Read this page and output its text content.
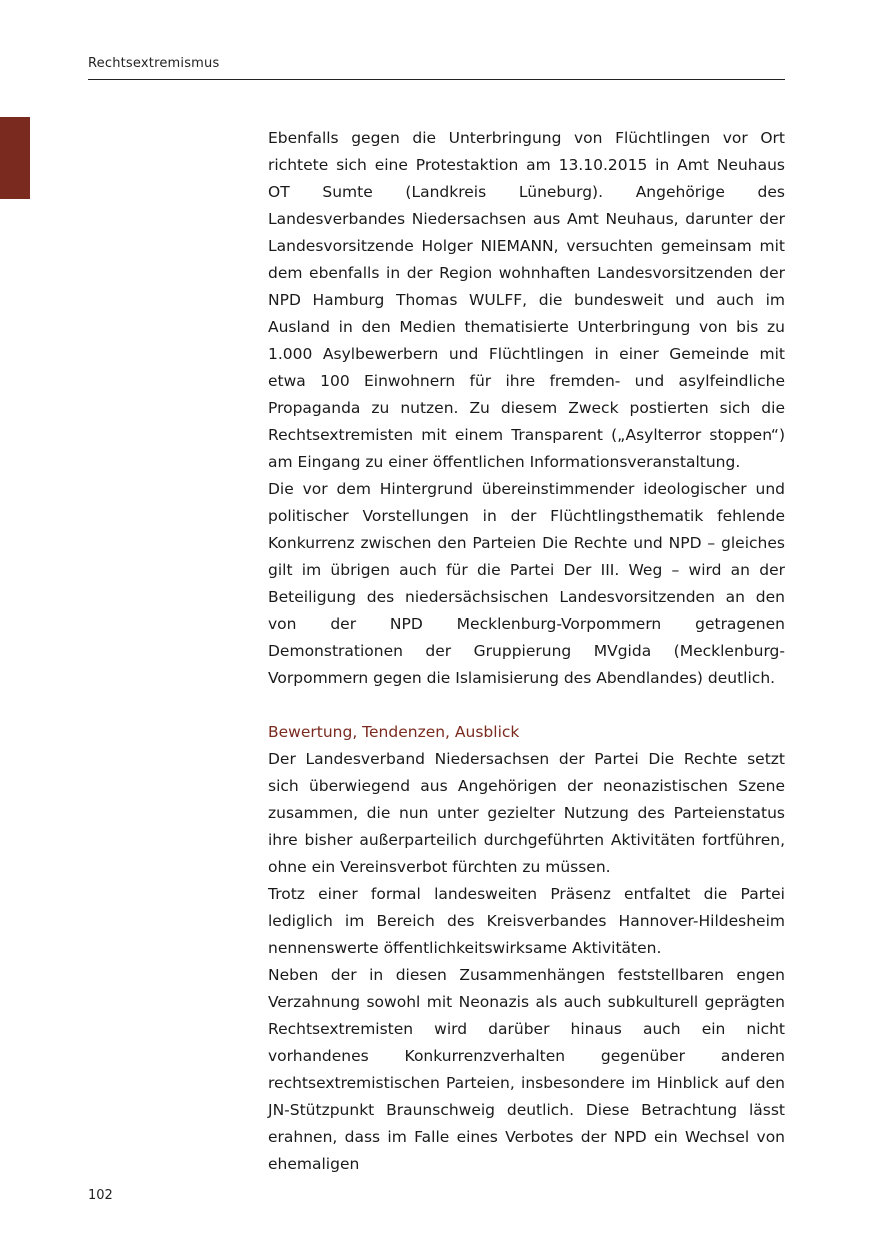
Rechtsextremismus

Ebenfalls gegen die Unterbringung von Flüchtlingen vor Ort richtete sich eine Protestaktion am 13.10.2015 in Amt Neuhaus OT Sumte (Landkreis Lüneburg). Angehörige des Landesverbandes Niedersachsen aus Amt Neuhaus, darunter der Landesvorsitzende Holger NIEMANN, versuchten gemeinsam mit dem ebenfalls in der Region wohnhaften Landesvorsitzenden der NPD Hamburg Thomas WULFF, die bundesweit und auch im Ausland in den Medien thematisierte Unterbringung von bis zu 1.000 Asylbewerbern und Flüchtlingen in einer Gemeinde mit etwa 100 Einwohnern für ihre fremden- und asylfeindliche Propaganda zu nutzen. Zu diesem Zweck postierten sich die Rechtsextremisten mit einem Transparent („Asylterror stoppen“) am Eingang zu einer öffentlichen Informationsveranstaltung.

Die vor dem Hintergrund übereinstimmender ideologischer und politischer Vorstellungen in der Flüchtlingsthematik fehlende Konkurrenz zwischen den Parteien Die Rechte und NPD – gleiches gilt im übrigen auch für die Partei Der III. Weg – wird an der Beteiligung des niedersächsischen Landesvorsitzenden an den von der NPD Mecklenburg-Vorpommern getragenen Demonstrationen der Gruppierung MVgida (Mecklenburg-Vorpommern gegen die Islamisierung des Abendlandes) deutlich.

Bewertung, Tendenzen, Ausblick

Der Landesverband Niedersachsen der Partei Die Rechte setzt sich überwiegend aus Angehörigen der neonazistischen Szene zusammen, die nun unter gezielter Nutzung des Parteienstatus ihre bisher außerparteilich durchgeführten Aktivitäten fortführen, ohne ein Vereinsverbot fürchten zu müssen.

Trotz einer formal landesweiten Präsenz entfaltet die Partei lediglich im Bereich des Kreisverbandes Hannover-Hildesheim nennenswerte öffentlichkeitswirksame Aktivitäten.

Neben der in diesen Zusammenhängen feststellbaren engen Verzahnung sowohl mit Neonazis als auch subkulturell geprägten Rechtsextremisten wird darüber hinaus auch ein nicht vorhandenes Konkurrenzverhalten gegenüber anderen rechtsextremistischen Parteien, insbesondere im Hinblick auf den JN-Stützpunkt Braunschweig deutlich. Diese Betrachtung lässt erahnen, dass im Falle eines Verbotes der NPD ein Wechsel von ehemaligen

102
